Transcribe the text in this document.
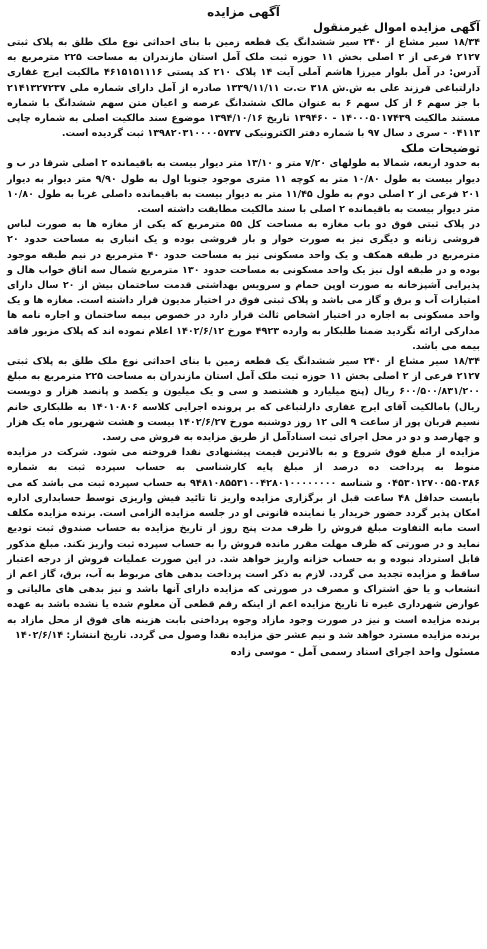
آگهی مزایده
آگهی مزایده اموال غیرمنقول

۱۸/۳۴ سیر مشاع از ۲۴۰ سیر ششدانگ یک قطعه زمین با بنای احداثی نوع ملک طلق به پلاک ثبتی ۲۱۲۷ فرعی از ۲ اصلی بخش ۱۱ حوزه ثبت ملک آمل استان مازندران به مساحت ۲۲۵ مترمربع به آدرس: در آمل بلوار میرزا هاشم آملی آیت ۱۴ پلاک ۲۱۰ کد پستی ۴۶۱۵۱۵۱۱۱۶ مالکیت ایرج غفاری دارلتباغی فرزند علی به ش.ش ۳۱۸ ت.ت ۱۳۳۹/۱۱/۱۱ صادره از آمل دارای شماره ملی ۲۱۴۱۳۲۷۲۳۷ با جز سهم ۶ از کل سهم ۶ به عنوان مالک ششدانگ عرصه و اعیان متن سهم ششدانگ با شماره مستند مالکیت ۱۴۰۰۰۵۰۱۷۴۳۹ - ۱۳۹۴۶۰ تاریخ ۱۳۹۴/۱۰/۱۶ موضوع سند مالکیت اصلی به شماره چاپی ۰۴۱۱۳ - سری د سال ۹۷ با شماره دفتر الکترونیکی ۱۳۹۸۲۰۳۱۰۰۰۰۵۷۳۷ ثبت گردیده است.

توضیحات ملک

به حدود اربعه، شمالا به طولهای ۷/۲۰ متر و ۱۳/۱۰ متر دیوار بیست به باقیمانده ۲ اصلی شرقا در ب و دیوار بیست به طول ۱۰/۸۰ متر به کوچه ۱۱ متری موجود جنوبا اول به طول ۹/۹۰ متر دیوار به دیوار ۲۰۱ فرعی از ۲ اصلی دوم به طول ۱۱/۴۵ متر به دیوار بیست به باقیمانده داصلی غربا به طول ۱۰/۸۰ متر دیوار بیست به باقیمانده ۲ اصلی با سند مالکیت مطابقت داشته است.

در پلاک ثبتی فوق دو باب مغازه به مساحت کل ۵۵ مترمربع که یکی از مغازه ها به صورت لباس فروشی زنانه و دیگری نیز به صورت خوار و بار فروشی بوده و یک انباری به مساحت حدود ۲۰ مترمربع در طبقه همکف و یک واحد مسکونی نیز به مساحت حدود ۴۰ مترمربع در نیم طبقه موجود بوده و در طبقه اول نیز یک واحد مسکونی به مساحت حدود ۱۳۰ مترمربع شمال سه اتاق خواب هال و پذیرایی آشپزخانه به صورت اوپن حمام و سرویس بهداشتی قدمت ساختمان بیش از ۲۰ سال دارای امتیازات آب و برق و گاز می باشد و پلاک ثبتی فوق در اختیار مدیون قرار داشته است. مغازه ها و یک واحد مسکونی به اجاره در اختیار اشخاص ثالث قرار دارد در خصوص بیمه ساختمان و اجاره نامه ها مدارکی ارائه نگردید ضمنا طلبکار به وارده ۴۹۲۳ مورخ ۱۴۰۲/۶/۱۲ اعلام نموده اند که پلاک مزبور فاقد بیمه می باشد.

۱۸/۳۴ سیر مشاع از ۲۴۰ سیر ششدانگ یک قطعه زمین با بنای احداثی نوع ملک طلق به پلاک ثبتی ۲۱۲۷ فرعی از ۲ اصلی بخش ۱۱ حوزه ثبت ملک آمل استان مازندران به مساحت ۲۲۵ مترمربع به مبلغ ۶۰۰/۵۰۰/۸۳۱/۲۰۰ ریال (پنج میلیارد و هشتصد و سی و یک میلیون و یکصد و پانصد هزار و دویست ریال) بامالکیت آقای ایرج غفاری دارلتباغی که بر پرونده اجرایی کلاسه ۱۴۰۱۰۸۰۶ به طلبکاری خانم نسیم قربان پور از ساعت ۹ الی ۱۲ روز دوشنبه مورخ ۱۴۰۲/۶/۲۷ بیست و هشت شهریور ماه یک هزار و چهارصد و دو در محل اجرای ثبت اسنادآمل از طریق مزایده به فروش می رسد.

مزایده از مبلغ فوق شروع و به بالاترین قیمت پیشنهادی نقدا فروخته می شود. شرکت در مزایده منوط به پرداخت ده درصد از مبلغ پایه کارشناسی به حساب سپرده ثبت به شماره ۰۴۵۳۰۱۲۷۰۰۵۵۰۳۸۶ و شناسه ۹۴۸۱۰۸۵۵۳۱۰۰۴۲۸۰۱۰۰۰۰۰۰۰۰ به حساب سپرده ثبت می باشد که می بایست حداقل ۴۸ ساعت قبل از برگزاری مزایده واریز تا تائید فیش واریزی توسط حسابداری اداره امکان پذیر گردد حضور خریدار یا نماینده قانونی او در جلسه مزایده الزامی است. برنده مزایده مکلف است مابه التفاوت مبلغ فروش را ظرف مدت پنج روز از تاریخ مزایده به حساب صندوق ثبت تودیع نماید و در صورتی که ظرف مهلت مقرر مانده فروش را به حساب سپرده ثبت واریز نکند. مبلغ مذکور قابل استرداد نبوده و به حساب خزانه واریز خواهد شد. در این صورت عملیات فروش از درجه اعتبار ساقط و مزایده تجدید می گردد. لازم به ذکر است پرداخت بدهی های مربوط به آب، برق، گاز اعم از انشعاب و یا حق اشتراک و مصرف در صورتی که مزایده دارای آنها باشد و نیز بدهی های مالیاتی و عوارض شهرداری غیره تا تاریخ مزایده اعم از اینکه رقم قطعی آن معلوم شده یا نشده باشد به عهده برنده مزایده است و نیز در صورت وجود مازاد وجوه پرداختی بابت هزینه های فوق از محل مازاد به برنده مزایده مسترد خواهد شد و نیم عشر حق مزایده نقدا وصول می گردد. تاریخ انتشار: ۱۴۰۲/۶/۱۴

مسئول واحد اجرای اسناد رسمی آمل - موسی زاده
